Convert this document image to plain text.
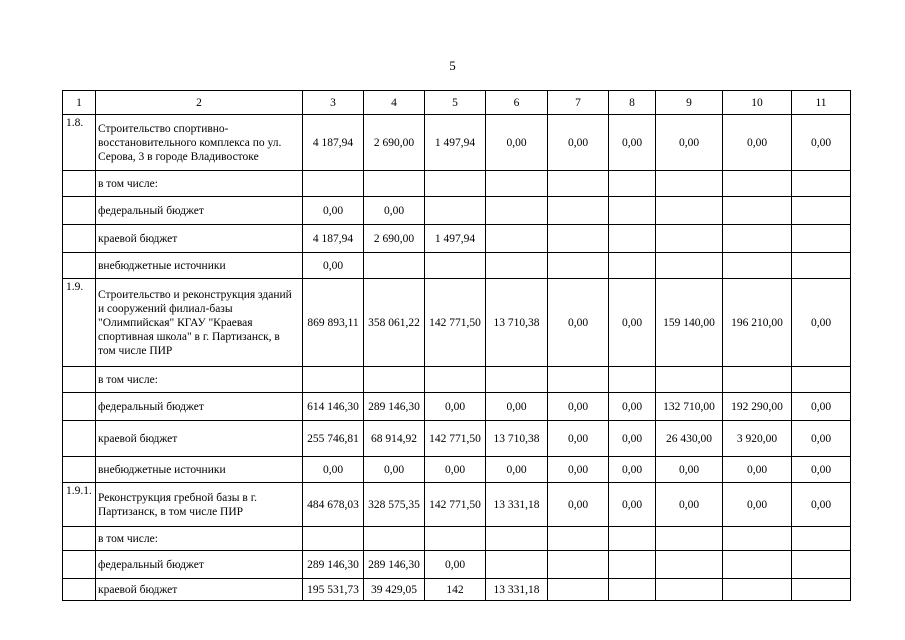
5
1	2	3	4	5	6	7	8	9	10	11
1.8.	Строительство спортивно-восстановительного комплекса по ул. Серова, 3 в городе Владивостоке	4 187,94	2 690,00	1 497,94	0,00	0,00	0,00	0,00	0,00	0,00
	в том числе:									
	федеральный бюджет	0,00	0,00							
	краевой бюджет	4 187,94	2 690,00	1 497,94						
	внебюджетные источники	0,00								
1.9.	Строительство и реконструкция зданий и сооружений филиал-базы "Олимпийская" КГАУ "Краевая спортивная школа" в г. Партизанск, в том числе ПИР	869 893,11	358 061,22	142 771,50	13 710,38	0,00	0,00	159 140,00	196 210,00	0,00
	в том числе:									
	федеральный бюджет	614 146,30	289 146,30	0,00	0,00	0,00	0,00	132 710,00	192 290,00	0,00
	краевой бюджет	255 746,81	68 914,92	142 771,50	13 710,38	0,00	0,00	26 430,00	3 920,00	0,00
	внебюджетные источники	0,00	0,00	0,00	0,00	0,00	0,00	0,00	0,00	0,00
1.9.1.	Реконструкция гребной базы в г. Партизанск, в том числе ПИР	484 678,03	328 575,35	142 771,50	13 331,18	0,00	0,00	0,00	0,00	0,00
	в том числе:									
	федеральный бюджет	289 146,30	289 146,30	0,00						
	краевой бюджет	195 531,73	39 429,05	142	13 331,18					
